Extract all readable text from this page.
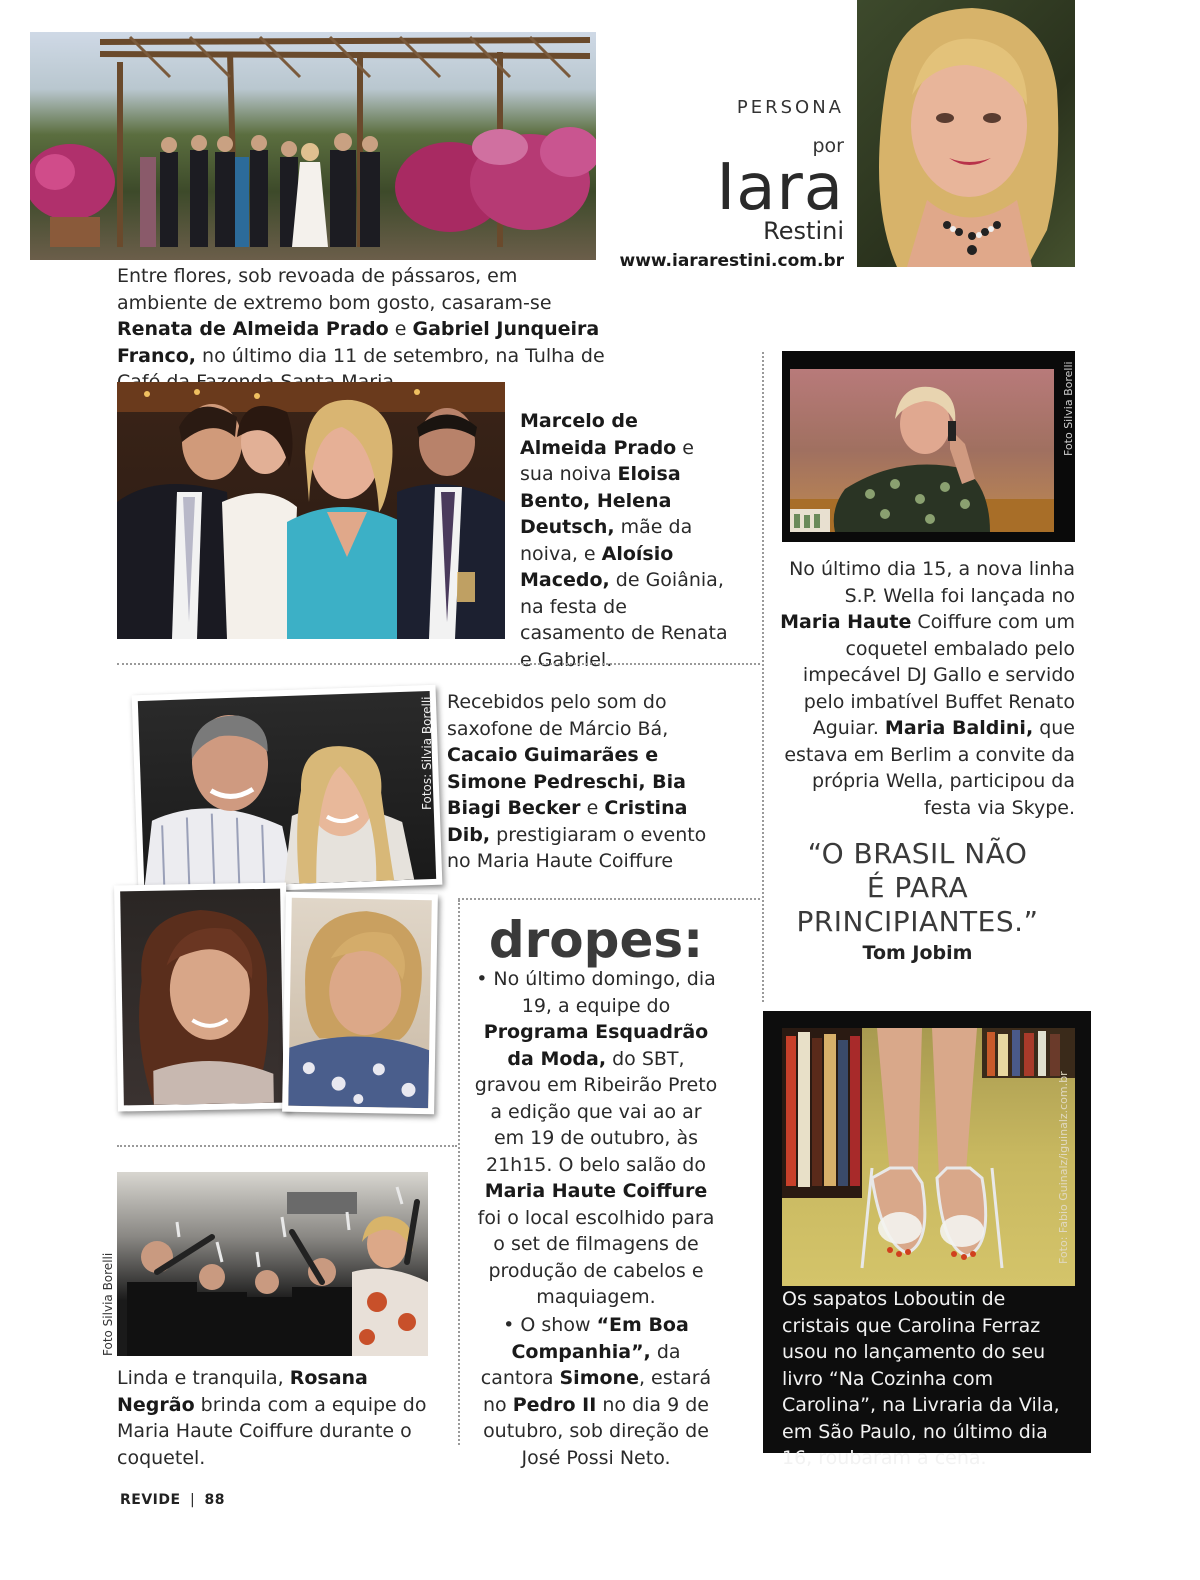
PERSONA
por
Iara
Restini
www.iararestini.com.br
Entre flores, sob revoada de pássaros, em ambiente de extremo bom gosto, casaram-se Renata de Almeida Prado e Gabriel Junqueira Franco, no último dia 11 de setembro, na Tulha de
Marcelo de Almeida Prado e sua noiva Eloisa Bento, Helena Deutsch, mãe da noiva, e Aloísio Macedo, de Goiânia, na festa de casamento de Renata e Gabriel.
Fotos: Silvia Borelli Recebidos pelo som do saxofone de Márcio Bá, Cacaio Guimarães e Simone Pedreschi, Bia Biagi Becker e Cristina Dib, prestigiaram o evento no Maria Haute Coiffure
Foto Silvia Borelli
Linda e tranquila, Rosana Negrão brinda com a equipe do Maria Haute Coiffure durante o coquetel.
dropes:
• No último domingo, dia 19, a equipe do Programa Esquadrão da Moda, do SBT, gravou em Ribeirão Preto a edição que vai ao ar em 19 de outubro, às 21h15. O belo salão do Maria Haute Coiffure foi o local escolhido para o set de filmagens de produção de cabelos e maquiagem.
• O show “Em Boa Companhia”, da cantora Simone, estará no Pedro II no dia 9 de outubro, sob direção de José Possi Neto.
Foto Silvia Borelli
No último dia 15, a nova linha S.P. Wella foi lançada no Maria Haute Coiffure com um coquetel embalado pelo impecável DJ Gallo e servido pelo imbatível Buffet Renato Aguiar. Maria Baldini, que estava em Berlim a convite da própria Wella, participou da festa via Skype.
“O BRASIL NÃO É PARA PRINCIPIANTES.”
Tom Jobim
Foto: Fabio Guinalz/iguinalz.com.br
Os sapatos Loboutin de cristais que Carolina Ferraz usou no lançamento do seu livro “Na Cozinha com Carolina”, na Livraria da Vila, em São Paulo, no último dia 16, roubaram a cena.
REVIDE | 88
